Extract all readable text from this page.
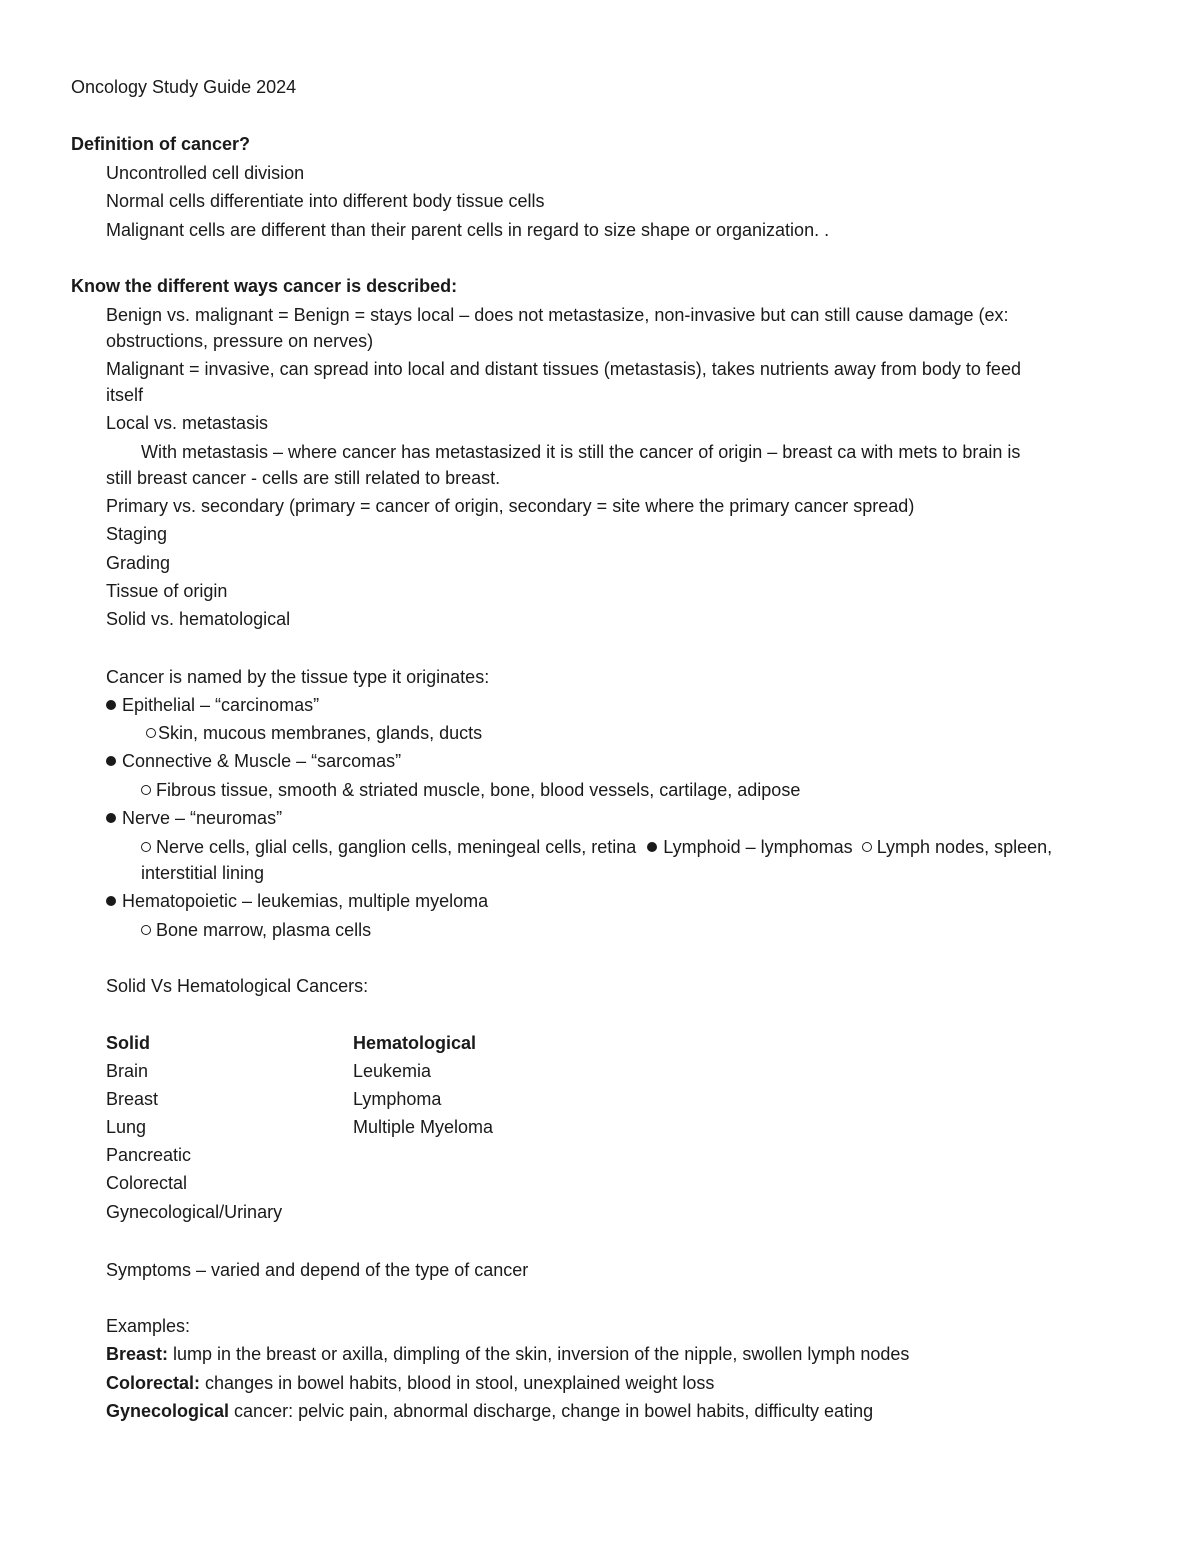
Oncology Study Guide 2024
Definition of cancer?
Uncontrolled cell division
Normal cells differentiate into different body tissue cells
Malignant cells are different than their parent cells in regard to size shape or organization. .
Know the different ways cancer is described:
Benign vs. malignant = Benign = stays local – does not metastasize, non-invasive but can still cause damage (ex:
obstructions, pressure on nerves)
Malignant = invasive, can spread into local and distant tissues (metastasis), takes nutrients away from body to feed
itself
Local vs. metastasis
With metastasis – where cancer has metastasized it is still the cancer of origin – breast ca with mets to brain is
still breast cancer - cells are still related to breast.
Primary vs. secondary (primary = cancer of origin, secondary = site where the primary cancer spread)
Staging
Grading
Tissue of origin
Solid vs. hematological
Cancer is named by the tissue type it originates:
Epithelial – “carcinomas”
Skin, mucous membranes, glands, ducts
Connective & Muscle – “sarcomas”
Fibrous tissue, smooth & striated muscle, bone, blood vessels, cartilage, adipose
Nerve – “neuromas”
Nerve cells, glial cells, ganglion cells, meningeal cells, retina Lymphoid – lymphomas Lymph nodes, spleen,
interstitial lining
Hematopoietic – leukemias, multiple myeloma
Bone marrow, plasma cells
Solid Vs Hematological Cancers:
Solid	Hematological
Brain
Breast
Lung
Pancreatic
Colorectal
Gynecological/Urinary
Leukemia
Lymphoma
Multiple Myeloma
Symptoms – varied and depend of the type of cancer
Examples:
Breast: lump in the breast or axilla, dimpling of the skin, inversion of the nipple, swollen lymph nodes
Colorectal: changes in bowel habits, blood in stool, unexplained weight loss
Gynecological cancer: pelvic pain, abnormal discharge, change in bowel habits, difficulty eating
